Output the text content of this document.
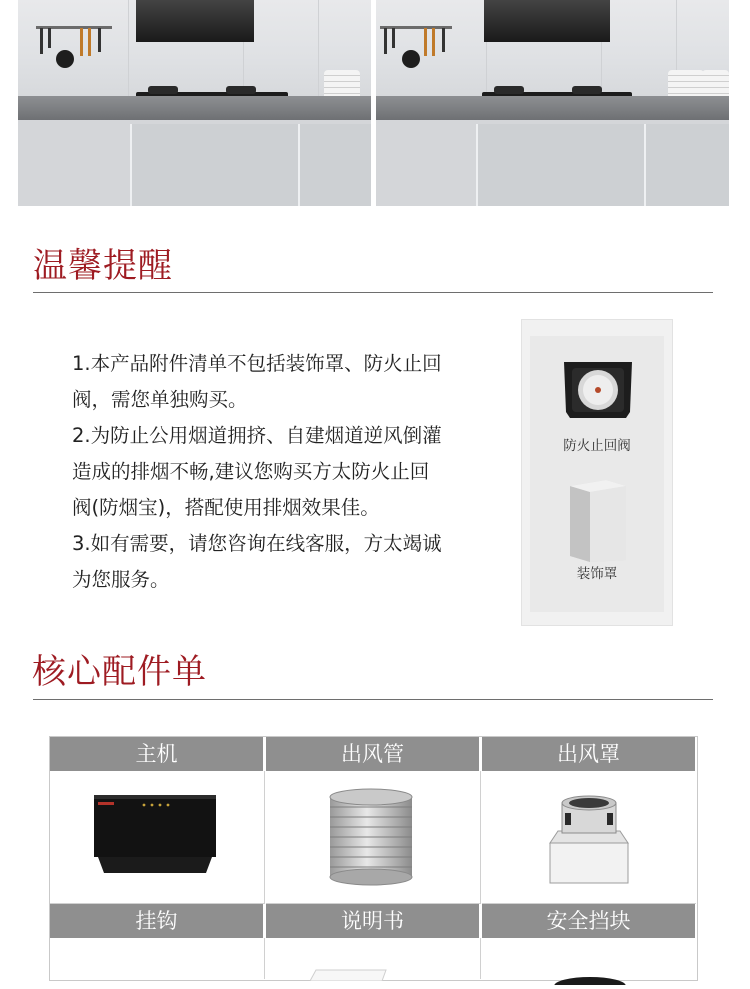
温馨提醒

1.本产品附件清单不包括装饰罩、防火止回

阀，需您单独购买。

2.为防止公用烟道拥挤、自建烟道逆风倒灌

造成的排烟不畅,建议您购买方太防火止回

阀(防烟宝)，搭配使用排烟效果佳。

3.如有需要，请您咨询在线客服，方太竭诚

为您服务。

防火止回阀
装饰罩
核心配件单
主机	出风管	出风罩
挂钩	说明书	安全挡块
